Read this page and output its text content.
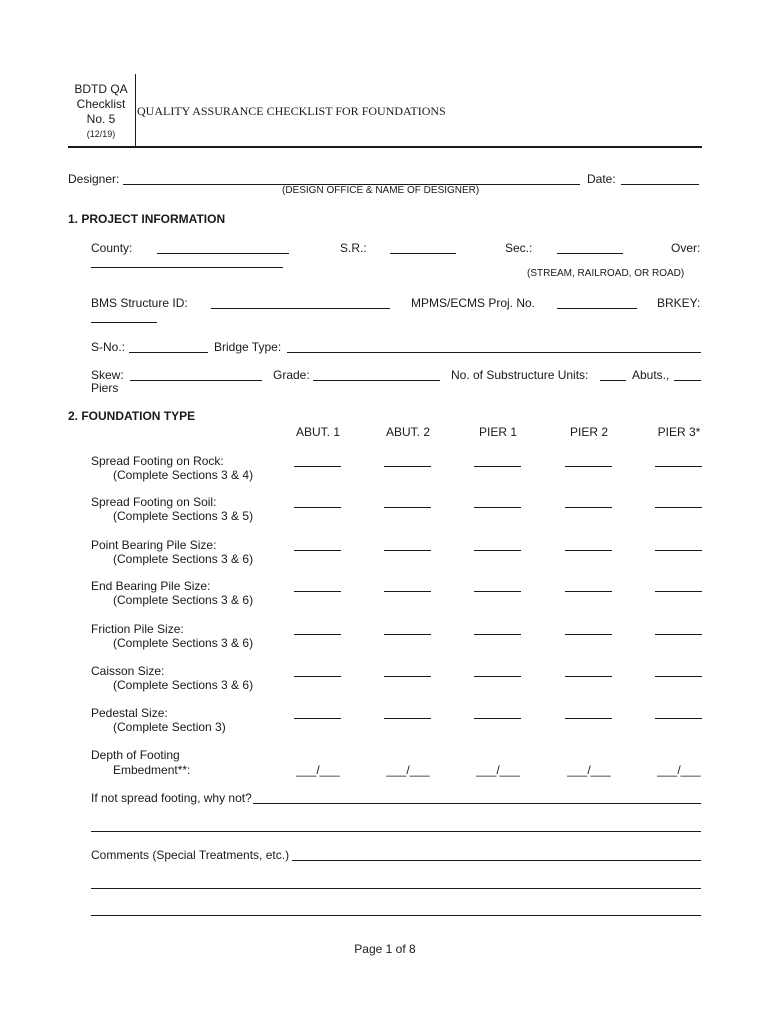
BDTD QA
Checklist
No. 5
(12/19)
QUALITY ASSURANCE CHECKLIST FOR FOUNDATIONS
Designer:	Date:
(DESIGN OFFICE & NAME OF DESIGNER)
1. PROJECT INFORMATION
County:	S.R.:	Sec.:	Over:
(STREAM, RAILROAD, OR ROAD)
BMS Structure ID:	MPMS/ECMS Proj. No.	BRKEY:
S-No.:	Bridge Type:
Skew:	Grade:	No. of Substructure Units:	Abuts.,
Piers
2. FOUNDATION TYPE
ABUT. 1	ABUT. 2	PIER 1	PIER 2	PIER 3*
Spread Footing on Rock:
(Complete Sections 3 & 4)
Spread Footing on Soil:
(Complete Sections 3 & 5)
Point Bearing Pile Size:
(Complete Sections 3 & 6)
End Bearing Pile Size:
(Complete Sections 3 & 6)
Friction Pile Size:
(Complete Sections 3 & 6)
Caisson Size:
(Complete Sections 3 & 6)
Pedestal Size:
(Complete Section 3)
Depth of Footing
Embedment**:	___/___	___/___	___/___	___/___	___/___
If not spread footing, why not?
Comments (Special Treatments, etc.)
Page 1 of 8
